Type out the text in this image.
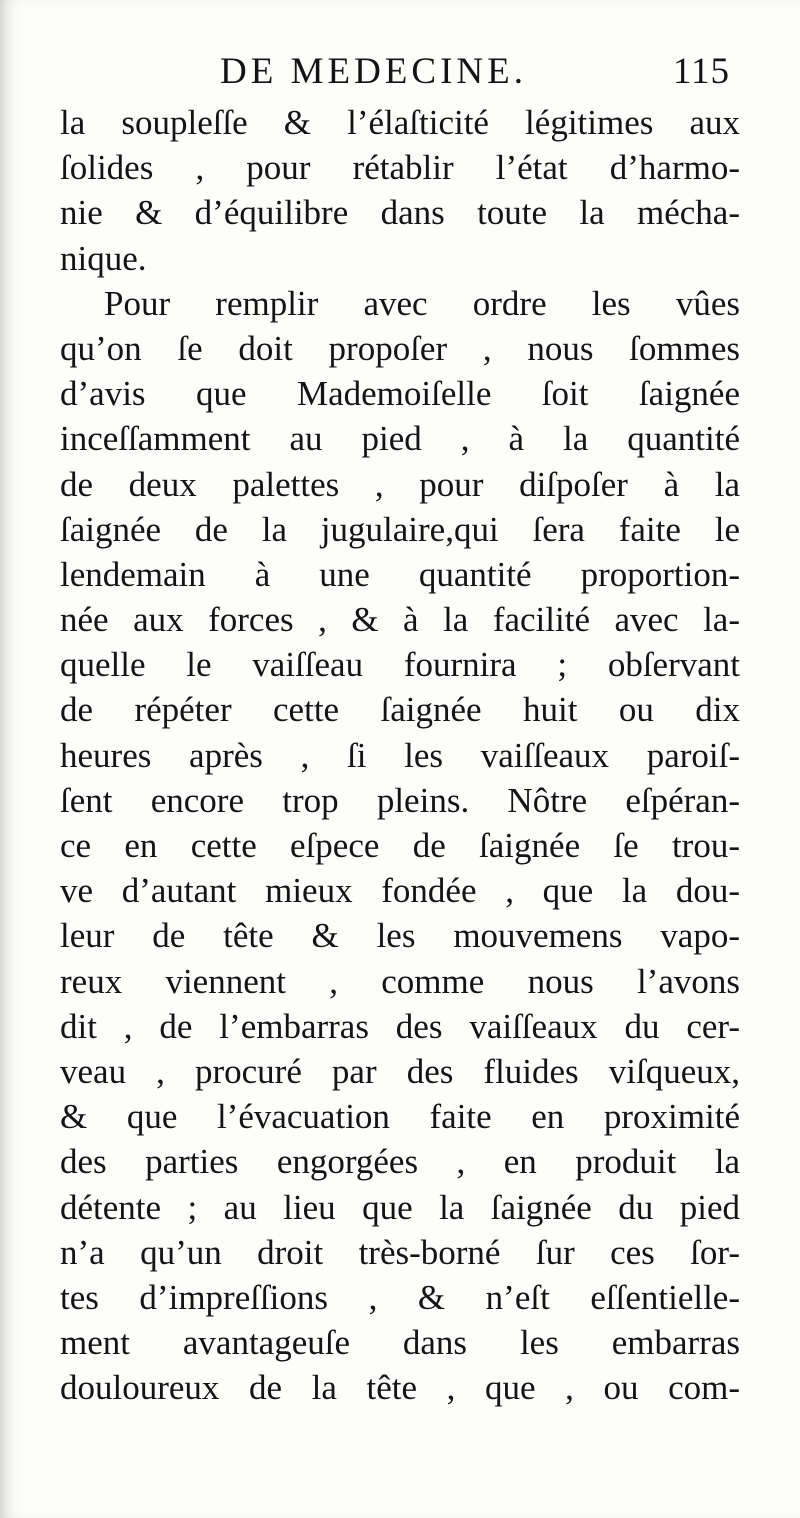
DE MEDECINE.	115
la soupleſſe & l’élaſticité légitimes aux
ſolides , pour rétablir l’état d’harmo-
nie & d’équilibre dans toute la mécha-
nique.
Pour remplir avec ordre les vûes
qu’on ſe doit propoſer , nous ſommes
d’avis que Mademoiſelle ſoit ſaignée
inceſſamment au pied , à la quantité
de deux palettes , pour diſpoſer à la
ſaignée de la jugulaire,qui ſera faite le
lendemain à une quantité proportion-
née aux forces , & à la facilité avec la-
quelle le vaiſſeau fournira ; obſervant
de répéter cette ſaignée huit ou dix
heures après , ſi les vaiſſeaux paroiſ-
ſent encore trop pleins. Nôtre eſpéran-
ce en cette eſpece de ſaignée ſe trou-
ve d’autant mieux fondée , que la dou-
leur de tête & les mouvemens vapo-
reux viennent , comme nous l’avons
dit , de l’embarras des vaiſſeaux du cer-
veau , procuré par des fluides viſqueux,
& que l’évacuation faite en proximité
des parties engorgées , en produit la
détente ; au lieu que la ſaignée du pied
n’a qu’un droit très-borné ſur ces ſor-
tes d’impreſſions , & n’eſt eſſentielle-
ment avantageuſe dans les embarras
douloureux de la tête , que , ou com-
